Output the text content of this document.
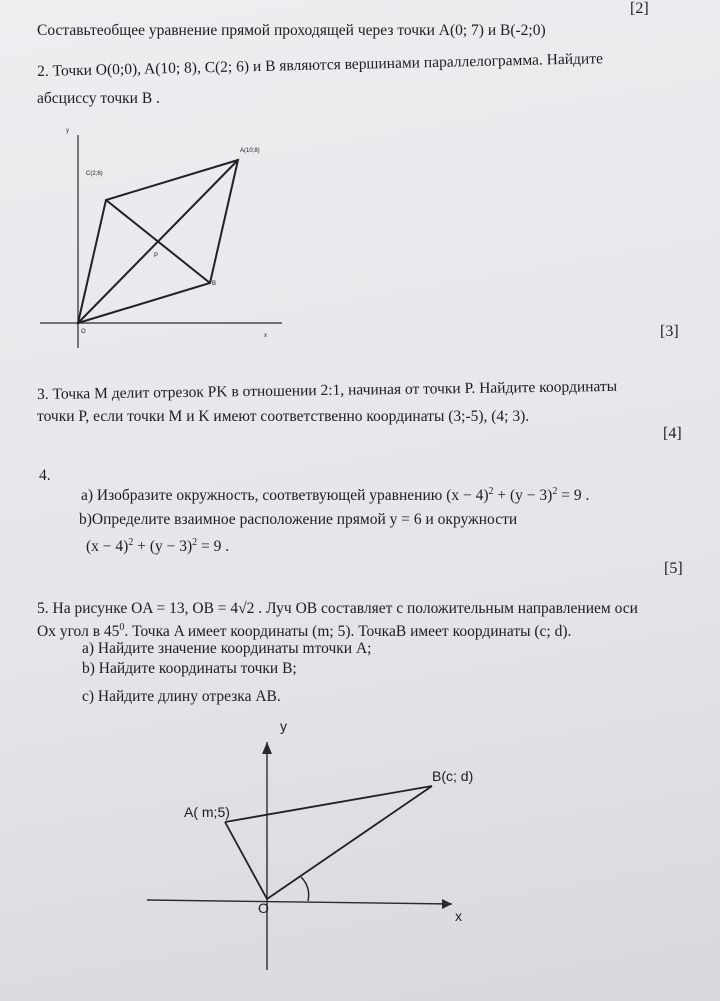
Составьтеобщее уравнение прямой проходящей через точки A(0; 7) и B(-2;0)
[2]
2. Точки O(0;0), A(10; 8), C(2; 6) и B являются вершинами параллелограмма. Найдите
абсциссу точки B .
y
x
O
A(10;8)
C(2;6)
B
P
[3]
3. Точка M делит отрезок PK в отношении 2:1, начиная от точки P. Найдите координаты
точки P, если точки M и K имеют соответственно координаты (3;-5), (4; 3).
[4]
4.
a) Изобразите окружность, соответвующей уравнению $(x - 4)^2 + (y - 3)^2 = 9$ .
b)Определите взаимное расположение прямой y = 6 и окружности
$(x - 4)^2 + (y - 3)^2 = 9$ .
[5]
5. На рисунке OA = 13, OB = 4√2 . Луч OB составляет с положительным направлением оси
Ox угол в $45^0$. Точка A имеет координаты (m; 5). ТочкаB имеет координаты (c; d).
a) Найдите значение координаты mточки A;
b) Найдите координаты точки B;
c) Найдите длину отрезка AB.
y
x
O
A( m;5)
B(c; d)
